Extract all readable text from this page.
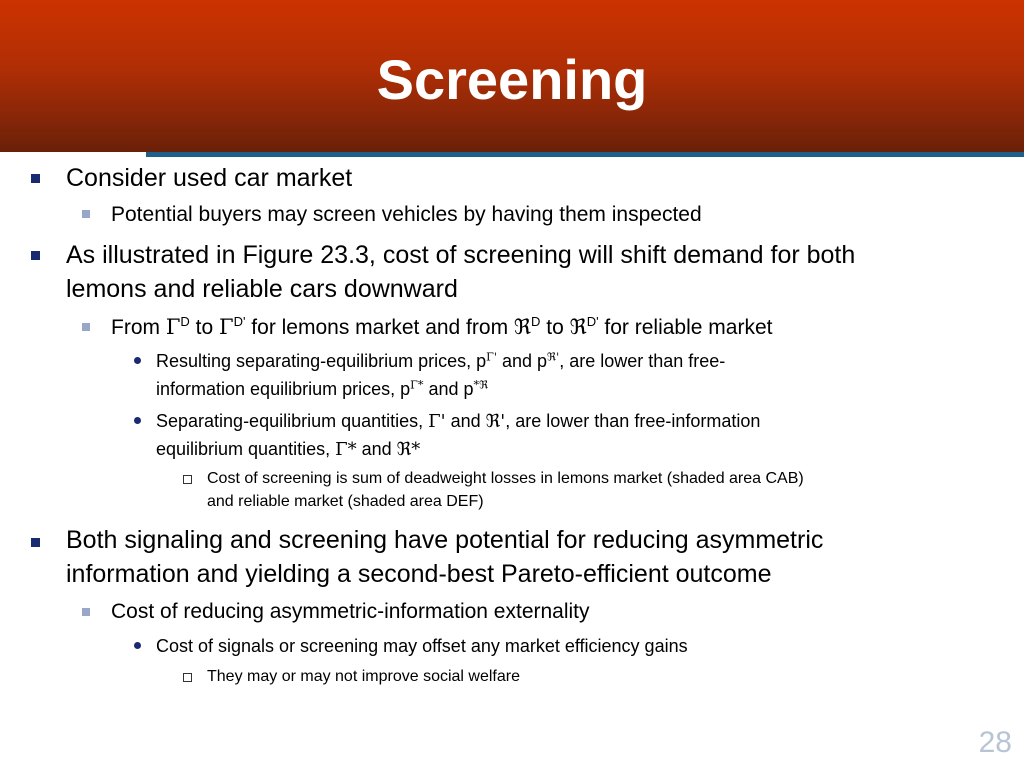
Screening
Consider used car market
Potential buyers may screen vehicles by having them inspected
As illustrated in Figure 23.3, cost of screening will shift demand for both
lemons and reliable cars downward
From $\Gamma^D$ to $\Gamma^{D'}$ for lemons market and from ℜ$^D$ to ℜ$^{D'}$ for reliable market
Resulting separating-equilibrium prices, $p^{\Gamma'}$ and $p^{ℜ'}$, are lower than free-
information equilibrium prices, $p^{\Gamma*}$ and $p^{*ℜ}$
Separating-equilibrium quantities, Γ' and ℜ', are lower than free-information
equilibrium quantities, Γ* and ℜ*
Cost of screening is sum of deadweight losses in lemons market (shaded area CAB)
and reliable market (shaded area DEF)
Both signaling and screening have potential for reducing asymmetric
information and yielding a second-best Pareto-efficient outcome
Cost of reducing asymmetric-information externality
Cost of signals or screening may offset any market efficiency gains
They may or may not improve social welfare
28
